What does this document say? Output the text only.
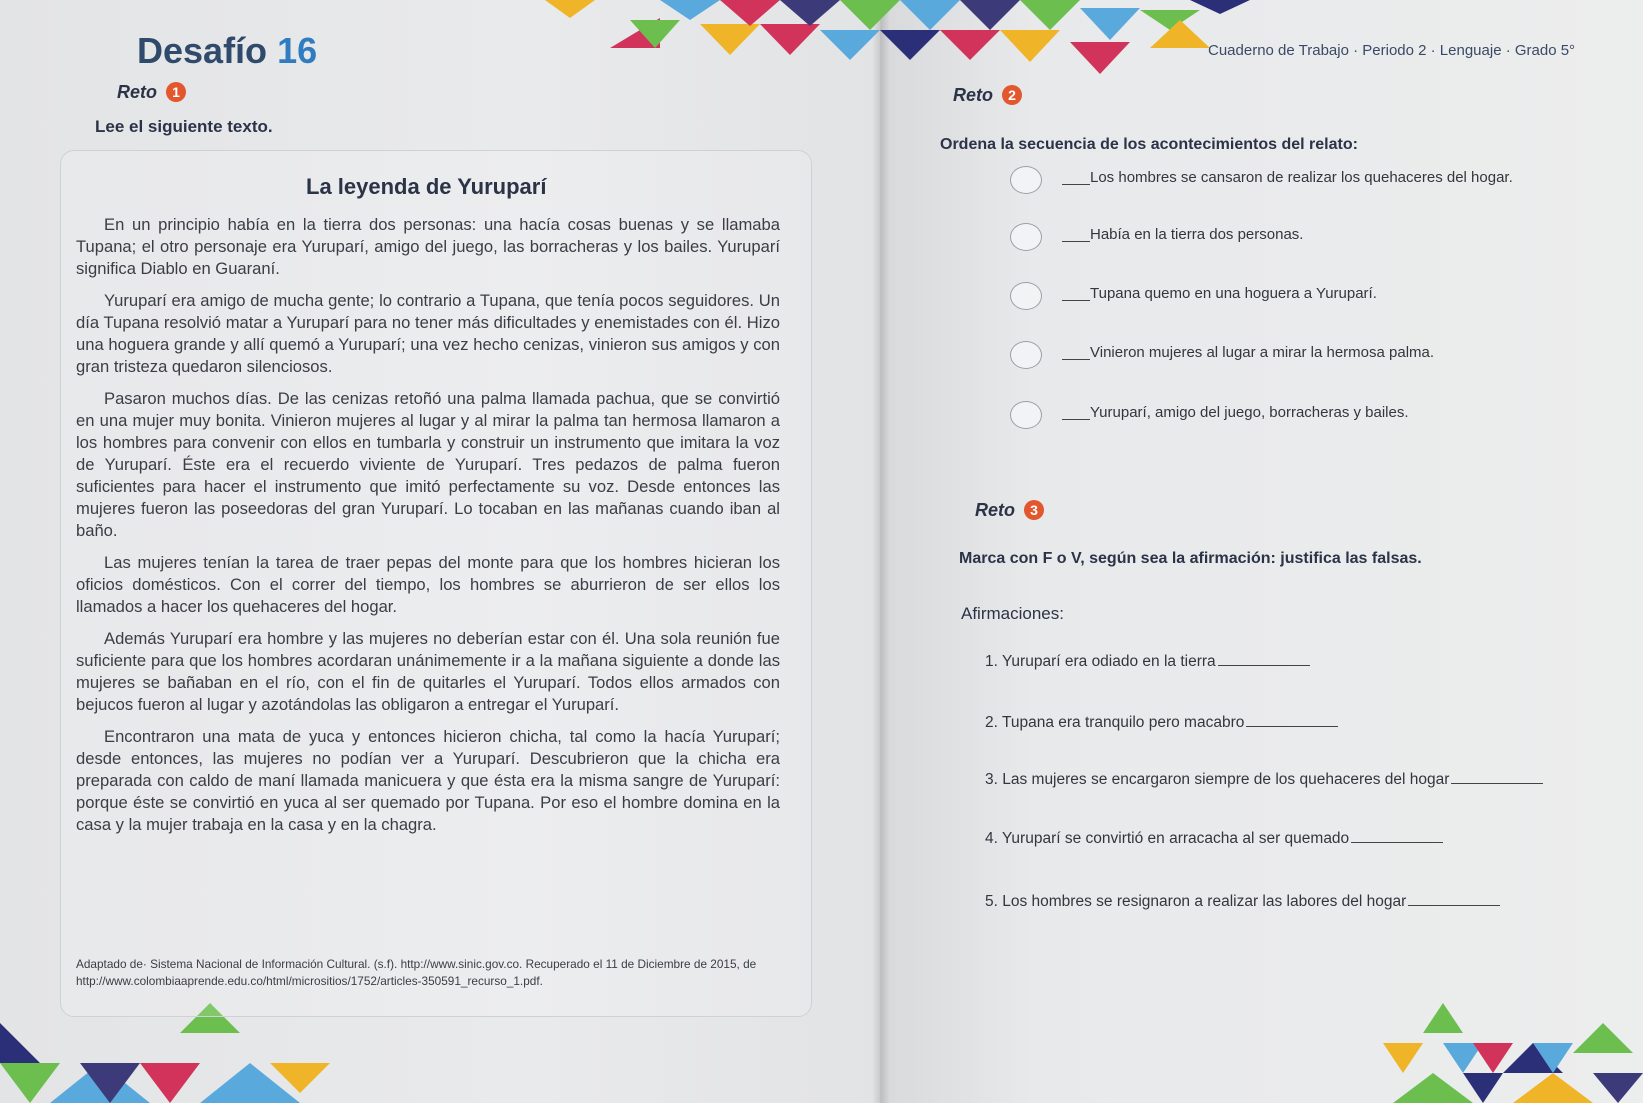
Desafío 16	Cuaderno de Trabajo · Periodo 2 · Lenguaje · Grado 5°
Reto 1
Lee el siguiente texto.
La leyenda de Yuruparí

En un principio había en la tierra dos personas: una hacía cosas buenas y se llamaba Tupana; el otro personaje era Yuruparí, amigo del juego, las borracheras y los bailes. Yuruparí significa Diablo en Guaraní.

Yuruparí era amigo de mucha gente; lo contrario a Tupana, que tenía pocos seguidores. Un día Tupana resolvió matar a Yuruparí para no tener más dificultades y enemistades con él. Hizo una hoguera grande y allí quemó a Yuruparí; una vez hecho cenizas, vinieron sus amigos y con gran tristeza quedaron silenciosos.

Pasaron muchos días. De las cenizas retoñó una palma llamada pachua, que se convirtió en una mujer muy bonita. Vinieron mujeres al lugar y al mirar la palma tan hermosa llamaron a los hombres para convenir con ellos en tumbarla y construir un instrumento que imitara la voz de Yuruparí. Éste era el recuerdo viviente de Yuruparí. Tres pedazos de palma fueron suficientes para hacer el instrumento que imitó perfectamente su voz. Desde entonces las mujeres fueron las poseedoras del gran Yuruparí. Lo tocaban en las mañanas cuando iban al baño.

Las mujeres tenían la tarea de traer pepas del monte para que los hombres hicieran los oficios domésticos. Con el correr del tiempo, los hombres se aburrieron de ser ellos los llamados a hacer los quehaceres del hogar.

Además Yuruparí era hombre y las mujeres no deberían estar con él. Una sola reunión fue suficiente para que los hombres acordaran unánimemente ir a la mañana siguiente a donde las mujeres se bañaban en el río, con el fin de quitarles el Yuruparí. Todos ellos armados con bejucos fueron al lugar y azotándolas las obligaron a entregar el Yuruparí.

Encontraron una mata de yuca y entonces hicieron chicha, tal como la hacía Yuruparí; desde entonces, las mujeres no podían ver a Yuruparí. Descubrieron que la chicha era preparada con caldo de maní llamada manicuera y que ésta era la misma sangre de Yuruparí: porque éste se convirtió en yuca al ser quemado por Tupana. Por eso el hombre domina en la casa y la mujer trabaja en la casa y en la chagra.

Adaptado de· Sistema Nacional de Información Cultural. (s.f). http://www.sinic.gov.co. Recuperado el 11 de Diciembre de 2015, de http://www.colombiaaprende.edu.co/html/micrositios/1752/articles-350591_recurso_1.pdf.
Reto 2
Ordena la secuencia de los acontecimientos del relato:
Los hombres se cansaron de realizar los quehaceres del hogar.
Había en la tierra dos personas.
Tupana quemo en una hoguera a Yuruparí.
Vinieron mujeres al lugar a mirar la hermosa palma.
Yuruparí, amigo del juego, borracheras y bailes.
Reto 3
Marca con F o V, según sea la afirmación: justifica las falsas.
Afirmaciones:
1. Yuruparí era odiado en la tierra
2. Tupana era tranquilo pero macabro
3. Las mujeres se encargaron siempre de los quehaceres del hogar
4. Yuruparí se convirtió en arracacha al ser quemado
5. Los hombres se resignaron a realizar las labores del hogar
